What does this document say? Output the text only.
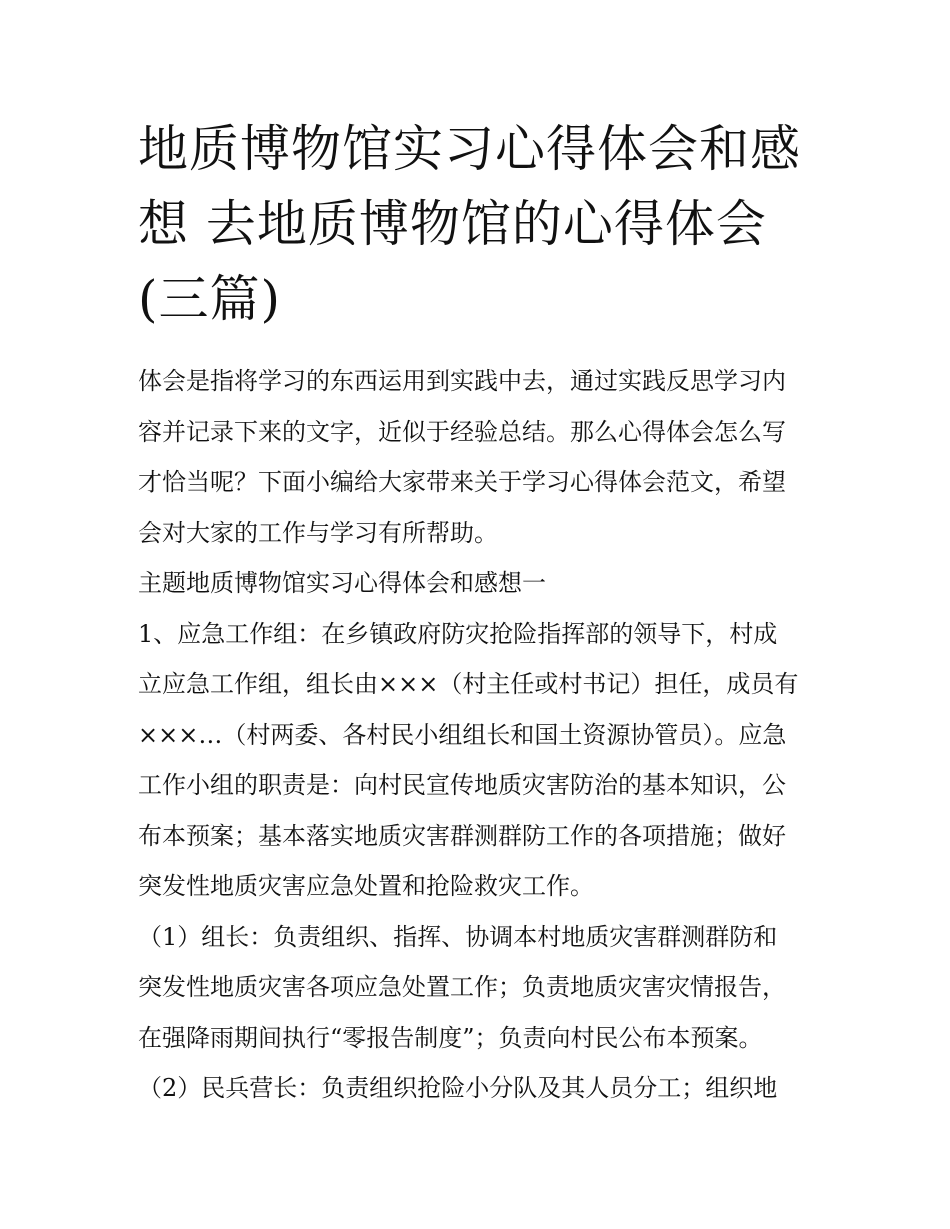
地质博物馆实习心得体会和感
想 去地质博物馆的心得体会
(三篇)

体会是指将学习的东西运用到实践中去，通过实践反思学习内
容并记录下来的文字，近似于经验总结。那么心得体会怎么写
才恰当呢？下面小编给大家带来关于学习心得体会范文，希望
会对大家的工作与学习有所帮助。

主题地质博物馆实习心得体会和感想一

1、应急工作组：在乡镇政府防灾抢险指挥部的领导下，村成
立应急工作组，组长由×××（村主任或村书记）担任，成员有
×××…（村两委、各村民小组组长和国土资源协管员）。应急
工作小组的职责是：向村民宣传地质灾害防治的基本知识，公
布本预案；基本落实地质灾害群测群防工作的各项措施；做好
突发性地质灾害应急处置和抢险救灾工作。

（1）组长：负责组织、指挥、协调本村地质灾害群测群防和
突发性地质灾害各项应急处置工作；负责地质灾害灾情报告，
在强降雨期间执行“零报告制度”；负责向村民公布本预案。

（2）民兵营长：负责组织抢险小分队及其人员分工；组织地
